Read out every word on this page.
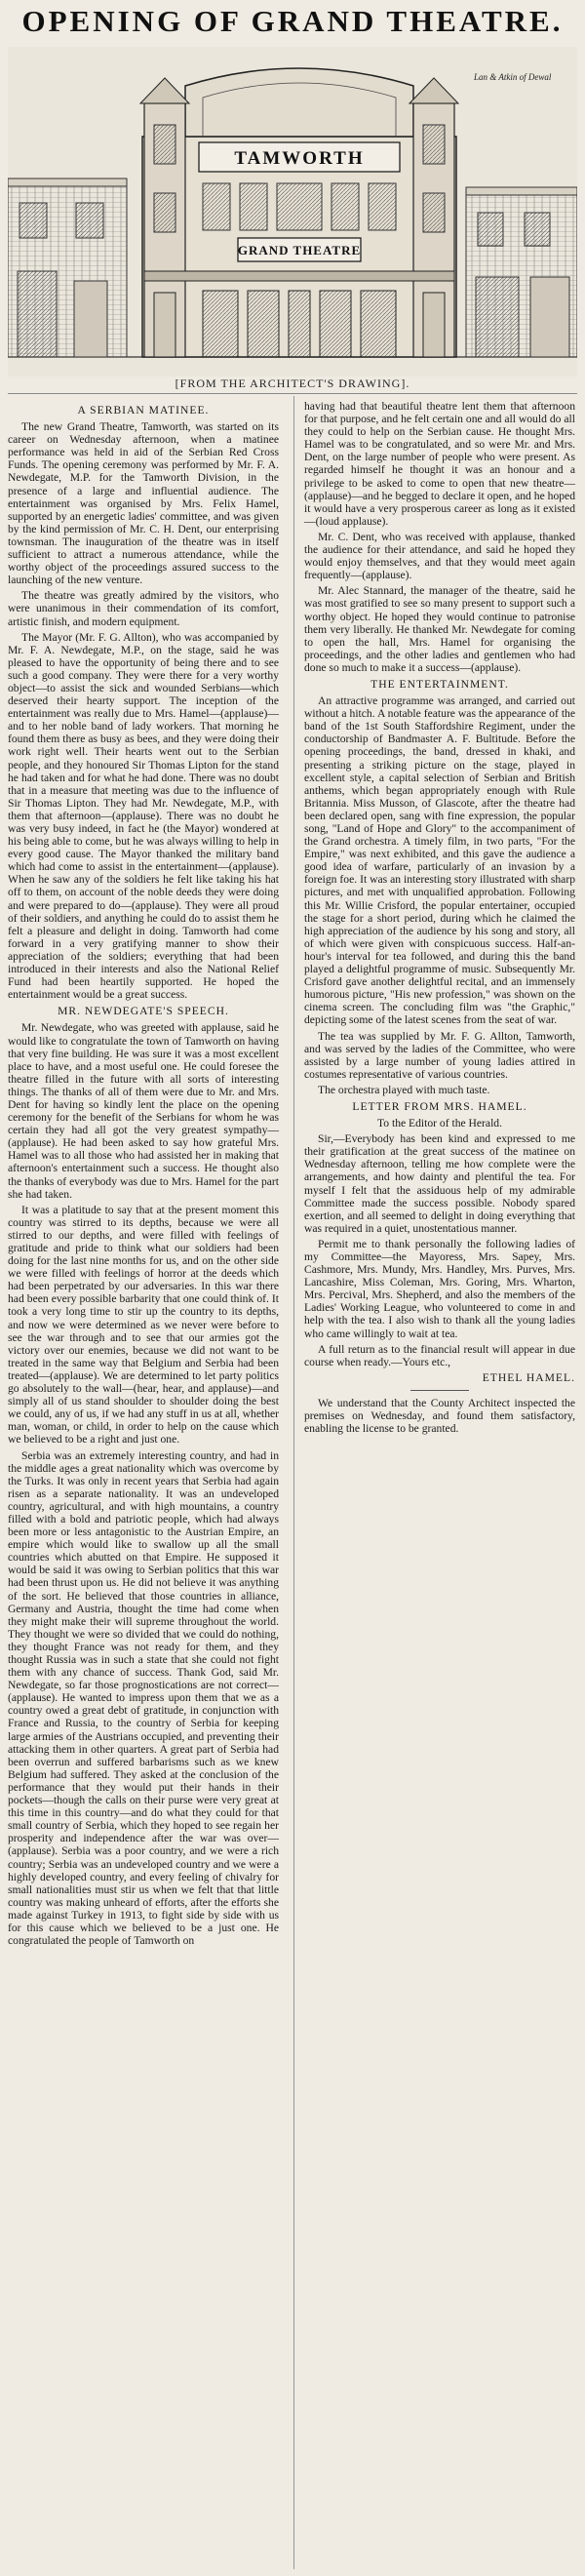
OPENING OF GRAND THEATRE.
TAMWORTH
GRAND THEATRE
Lan & Atkin of Dewal
[FROM THE ARCHITECT'S DRAWING].
A SERBIAN MATINEE.

The new Grand Theatre, Tamworth, was started on its career on Wednesday afternoon, when a matinee performance was held in aid of the Serbian Red Cross Funds. The opening ceremony was performed by Mr. F. A. Newdegate, M.P. for the Tamworth Division, in the presence of a large and influential audience. The entertainment was organised by Mrs. Felix Hamel, supported by an energetic ladies' committee, and was given by the kind permission of Mr. C. H. Dent, our enterprising townsman. The inauguration of the theatre was in itself sufficient to attract a numerous attendance, while the worthy object of the proceedings assured success to the launching of the new venture.

The theatre was greatly admired by the visitors, who were unanimous in their commendation of its comfort, artistic finish, and modern equipment.

The Mayor (Mr. F. G. Allton), who was accompanied by Mr. F. A. Newdegate, M.P., on the stage, said he was pleased to have the opportunity of being there and to see such a good company. They were there for a very worthy object—to assist the sick and wounded Serbians—which deserved their hearty support. The inception of the entertainment was really due to Mrs. Hamel—(applause)—and to her noble band of lady workers. That morning he found them there as busy as bees, and they were doing their work right well. Their hearts went out to the Serbian people, and they honoured Sir Thomas Lipton for the stand he had taken and for what he had done. There was no doubt that in a measure that meeting was due to the influence of Sir Thomas Lipton. They had Mr. Newdegate, M.P., with them that afternoon—(applause). There was no doubt he was very busy indeed, in fact he (the Mayor) wondered at his being able to come, but he was always willing to help in every good cause. The Mayor thanked the military band which had come to assist in the entertainment—(applause). When he saw any of the soldiers he felt like taking his hat off to them, on account of the noble deeds they were doing and were prepared to do—(applause). They were all proud of their soldiers, and anything he could do to assist them he felt a pleasure and delight in doing. Tamworth had come forward in a very gratifying manner to show their appreciation of the soldiers; everything that had been introduced in their interests and also the National Relief Fund had been heartily supported. He hoped the entertainment would be a great success.

MR. NEWDEGATE'S SPEECH.

Mr. Newdegate, who was greeted with applause, said he would like to congratulate the town of Tamworth on having that very fine building. He was sure it was a most excellent place to have, and a most useful one. He could foresee the theatre filled in the future with all sorts of interesting things. The thanks of all of them were due to Mr. and Mrs. Dent for having so kindly lent the place on the opening ceremony for the benefit of the Serbians for whom he was certain they had all got the very greatest sympathy—(applause). He had been asked to say how grateful Mrs. Hamel was to all those who had assisted her in making that afternoon's entertainment such a success. He thought also the thanks of everybody was due to Mrs. Hamel for the part she had taken.

It was a platitude to say that at the present moment this country was stirred to its depths, because we were all stirred to our depths, and were filled with feelings of gratitude and pride to think what our soldiers had been doing for the last nine months for us, and on the other side we were filled with feelings of horror at the deeds which had been perpetrated by our adversaries. In this war there had been every possible barbarity that one could think of. It took a very long time to stir up the country to its depths, and now we were determined as we never were before to see the war through and to see that our armies got the victory over our enemies, because we did not want to be treated in the same way that Belgium and Serbia had been treated—(applause). We are determined to let party politics go absolutely to the wall—(hear, hear, and applause)—and simply all of us stand shoulder to shoulder doing the best we could, any of us, if we had any stuff in us at all, whether man, woman, or child, in order to help on the cause which we believed to be a right and just one.

Serbia was an extremely interesting country, and had in the middle ages a great nationality which was overcome by the Turks. It was only in recent years that Serbia had again risen as a separate nationality. It was an undeveloped country, agricultural, and with high mountains, a country filled with a bold and patriotic people, which had always been more or less antagonistic to the Austrian Empire, an empire which would like to swallow up all the small countries which abutted on that Empire. He supposed it would be said it was owing to Serbian politics that this war had been thrust upon us. He did not believe it was anything of the sort. He believed that those countries in alliance, Germany and Austria, thought the time had come when they might make their will supreme throughout the world. They thought we were so divided that we could do nothing, they thought France was not ready for them, and they thought Russia was in such a state that she could not fight them with any chance of success. Thank God, said Mr. Newdegate, so far those prognostications are not correct—(applause). He wanted to impress upon them that we as a country owed a great debt of gratitude, in conjunction with France and Russia, to the country of Serbia for keeping large armies of the Austrians occupied, and preventing their attacking them in other quarters. A great part of Serbia had been overrun and suffered barbarisms such as we knew Belgium had suffered. They asked at the conclusion of the performance that they would put their hands in their pockets—though the calls on their purse were very great at this time in this country—and do what they could for that small country of Serbia, which they hoped to see regain her prosperity and independence after the war was over—(applause). Serbia was a poor country, and we were a rich country; Serbia was an undeveloped country and we were a highly developed country, and every feeling of chivalry for small nationalities must stir us when we felt that that little country was making unheard of efforts, after the efforts she made against Turkey in 1913, to fight side by side with us for this cause which we believed to be a just one. He congratulated the people of Tamworth on

having had that beautiful theatre lent them that afternoon for that purpose, and he felt certain one and all would do all they could to help on the Serbian cause. He thought Mrs. Hamel was to be congratulated, and so were Mr. and Mrs. Dent, on the large number of people who were present. As regarded himself he thought it was an honour and a privilege to be asked to come to open that new theatre—(applause)—and he begged to declare it open, and he hoped it would have a very prosperous career as long as it existed—(loud applause).

Mr. C. Dent, who was received with applause, thanked the audience for their attendance, and said he hoped they would enjoy themselves, and that they would meet again frequently—(applause).

Mr. Alec Stannard, the manager of the theatre, said he was most gratified to see so many present to support such a worthy object. He hoped they would continue to patronise them very liberally. He thanked Mr. Newdegate for coming to open the hall, Mrs. Hamel for organising the proceedings, and the other ladies and gentlemen who had done so much to make it a success—(applause).

THE ENTERTAINMENT.

An attractive programme was arranged, and carried out without a hitch. A notable feature was the appearance of the band of the 1st South Staffordshire Regiment, under the conductorship of Bandmaster A. F. Bultitude. Before the opening proceedings, the band, dressed in khaki, and presenting a striking picture on the stage, played in excellent style, a capital selection of Serbian and British anthems, which began appropriately enough with Rule Britannia. Miss Musson, of Glascote, after the theatre had been declared open, sang with fine expression, the popular song, "Land of Hope and Glory" to the accompaniment of the Grand orchestra. A timely film, in two parts, "For the Empire," was next exhibited, and this gave the audience a good idea of warfare, particularly of an invasion by a foreign foe. It was an interesting story illustrated with sharp pictures, and met with unqualified approbation. Following this Mr. Willie Crisford, the popular entertainer, occupied the stage for a short period, during which he claimed the high appreciation of the audience by his song and story, all of which were given with conspicuous success. Half-an-hour's interval for tea followed, and during this the band played a delightful programme of music. Subsequently Mr. Crisford gave another delightful recital, and an immensely humorous picture, "His new profession," was shown on the cinema screen. The concluding film was "the Graphic," depicting some of the latest scenes from the seat of war.

The tea was supplied by Mr. F. G. Allton, Tamworth, and was served by the ladies of the Committee, who were assisted by a large number of young ladies attired in costumes representative of various countries.

The orchestra played with much taste.

LETTER FROM MRS. HAMEL.

To the Editor of the Herald.

Sir,—Everybody has been kind and expressed to me their gratification at the great success of the matinee on Wednesday afternoon, telling me how complete were the arrangements, and how dainty and plentiful the tea. For myself I felt that the assiduous help of my admirable Committee made the success possible. Nobody spared exertion, and all seemed to delight in doing everything that was required in a quiet, unostentatious manner.

Permit me to thank personally the following ladies of my Committee—the Mayoress, Mrs. Sapey, Mrs. Cashmore, Mrs. Mundy, Mrs. Handley, Mrs. Purves, Mrs. Lancashire, Miss Coleman, Mrs. Goring, Mrs. Wharton, Mrs. Percival, Mrs. Shepherd, and also the members of the Ladies' Working League, who volunteered to come in and help with the tea. I also wish to thank all the young ladies who came willingly to wait at tea.

A full return as to the financial result will appear in due course when ready.—Yours etc.,

ETHEL HAMEL.

We understand that the County Architect inspected the premises on Wednesday, and found them satisfactory, enabling the license to be granted.
